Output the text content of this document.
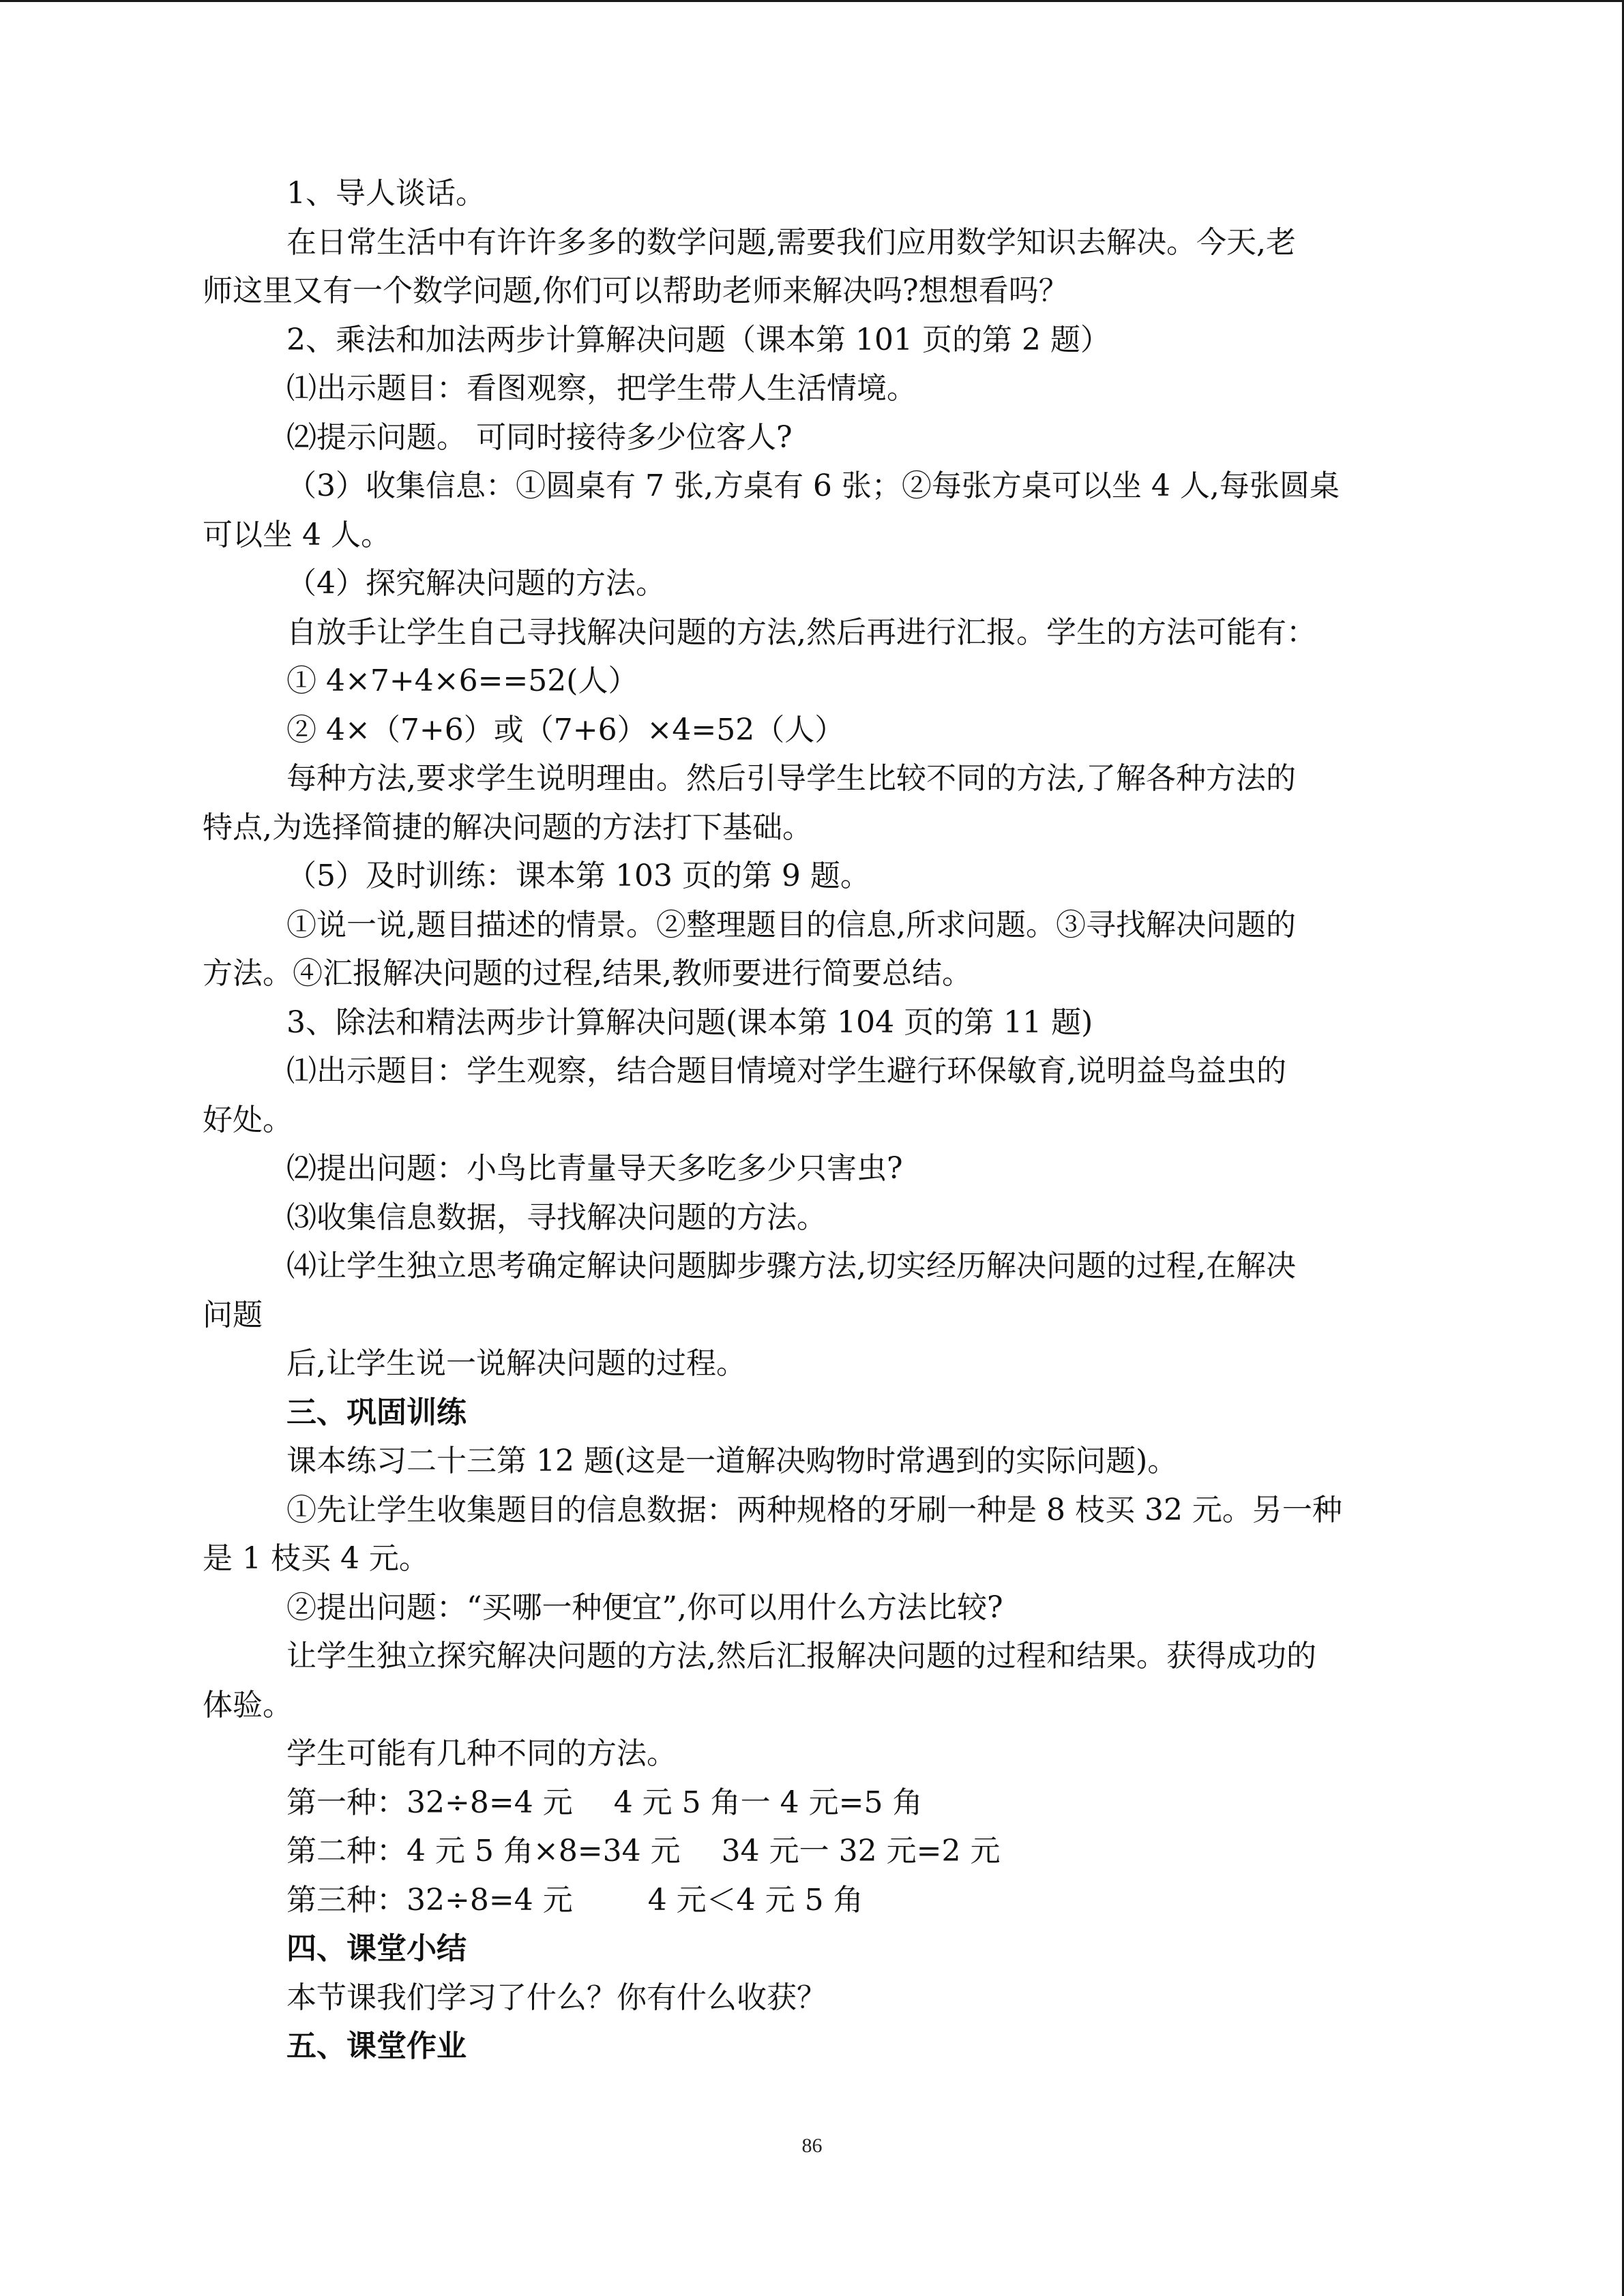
1、导人谈话。

在日常生活中有许许多多的数学问题,需要我们应用数学知识去解决。今天,老

师这里又有一个数学问题,你们可以帮助老师来解决吗?想想看吗？

2、乘法和加法两步计算解决问题（课本第 101 页的第 2 题）

⑴出示题目：看图观察，把学生带人生活情境。

⑵提示问题。 可同时接待多少位客人?

（3）收集信息：①圆桌有 7 张,方桌有 6 张；②每张方桌可以坐 4 人,每张圆桌

可以坐 4 人。

（4）探究解决问题的方法。

自放手让学生自己寻找解决问题的方法,然后再进行汇报。学生的方法可能有：

① 4×7+4×6==52(人）

② 4×（7+6）或（7+6）×4=52（人）

每种方法,要求学生说明理由。然后引导学生比较不同的方法,了解各种方法的

特点,为选择简捷的解决问题的方法打下基础。

（5）及时训练：课本第 103 页的第 9 题。

①说一说,题目描述的情景。②整理题目的信息,所求问题。③寻找解决问题的

方法。④汇报解决问题的过程,结果,教师要进行简要总结。

3、除法和精法两步计算解决问题(课本第 104 页的第 11 题)

⑴出示题目：学生观察，结合题目情境对学生避行环保敏育,说明益鸟益虫的

好处。

⑵提出问题：小鸟比青量导天多吃多少只害虫?

⑶收集信息数据，寻找解决问题的方法。

⑷让学生独立思考确定解诀问题脚步骤方法,切实经历解决问题的过程,在解决

问题

后,让学生说一说解决问题的过程。

三、巩固训练

课本练习二十三第 12 题(这是一道解决购物时常遇到的实际问题)。

①先让学生收集题目的信息数据：两种规格的牙刷一种是 8 枝买 32 元。另一种

是 1 枝买 4 元。

②提出问题：“买哪一种便宜”,你可以用什么方法比较?

让学生独立探究解决问题的方法,然后汇报解决问题的过程和结果。获得成功的

体验。

学生可能有几种不同的方法。

第一种：32÷8=4 元 4 元 5 角一 4 元=5 角

第二种：4 元 5 角×8=34 元 34 元一 32 元=2 元

第三种：32÷8=4 元	4 元＜4 元 5 角

四、课堂小结

本节课我们学习了什么？你有什么收获？

五、课堂作业

86
